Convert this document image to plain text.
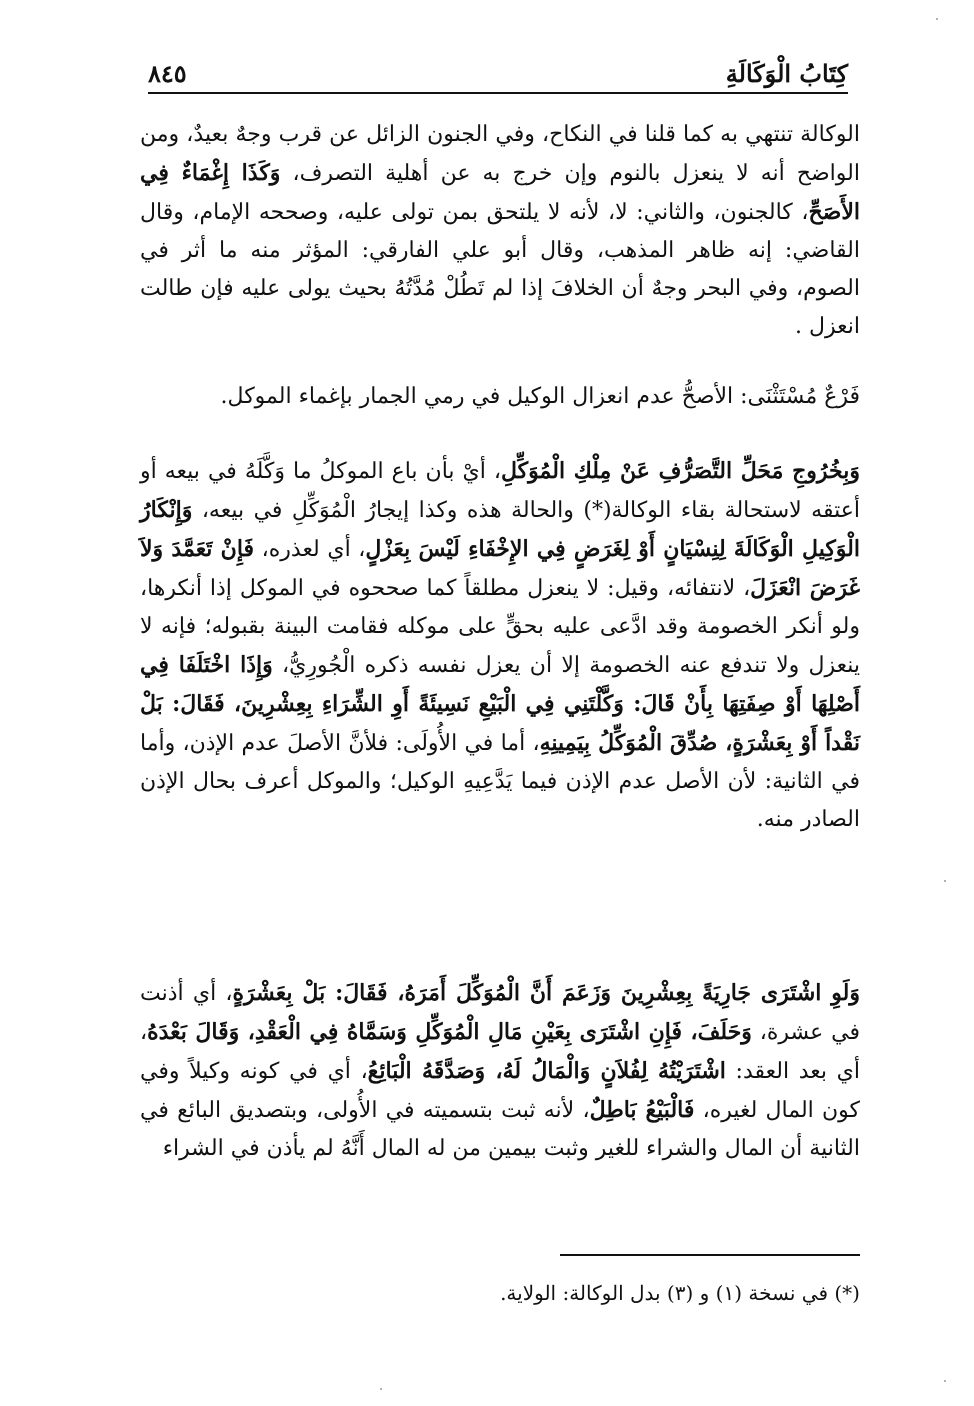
كِتَابُ الْوَكَالَةِ
٨٤٥

الوكالة تنتهي به كما قلنا في النكاح، وفي الجنون الزائل عن قرب وجهٌ بعيدٌ، ومن الواضح أنه لا ينعزل بالنوم وإن خرج به عن أهلية التصرف، وَكَذَا إِغْمَاءٌ فِي الأَصَحِّ، كالجنون، والثاني: لا، لأنه لا يلتحق بمن تولى عليه، وصححه الإمام، وقال القاضي: إنه ظاهر المذهب، وقال أبو علي الفارقي: المؤثر منه ما أثر في الصوم، وفي البحر وجهٌ أن الخلافَ إذا لم تَطُلْ مُدَّتُهُ بحيث يولى عليه فإن طالت انعزل .

فَرْعٌ مُسْتَثْنَى: الأصحُّ عدم انعزال الوكيل في رمي الجمار بإغماء الموكل.

وَبِخُرُوجِ مَحَلِّ التَّصَرُّفِ عَنْ مِلْكِ الْمُوَكِّلِ، أيْ بأن باع الموكلُ ما وَكَّلَهُ في بيعه أو أعتقه لاستحالة بقاء الوكالة(*) والحالة هذه وكذا إيجارُ الْمُوَكِّلِ في بيعه، وَإِنْكَارُ الْوَكِيلِ الْوَكَالَةَ لِنِسْيَانٍ أَوْ لِغَرَضٍ فِي الإِخْفَاءِ لَيْسَ بِعَزْلٍ، أي لعذره، فَإِنْ تَعَمَّدَ وَلاَ غَرَضَ انْعَزَلَ، لانتفائه، وقيل: لا ينعزل مطلقاً كما صححوه في الموكل إذا أنكرها، ولو أنكر الخصومة وقد ادَّعى عليه بحقٍّ على موكله فقامت البينة بقبوله؛ فإنه لا ينعزل ولا تندفع عنه الخصومة إلا أن يعزل نفسه ذكره الْجُورِيُّ، وَإِذَا اخْتَلَفَا فِي أَصْلِهَا أَوْ صِفَتِهَا بِأَنْ قَالَ: وَكَّلْتَنِي فِي الْبَيْعِ نَسِيئَةً أَوِ الشِّرَاءِ بِعِشْرِينَ، فَقَالَ: بَلْ نَقْداً أَوْ بِعَشْرَةٍ، صُدِّقَ الْمُوَكِّلُ بِيَمِينِهِ، أما في الأُولَى: فلأنَّ الأصلَ عدم الإذن، وأما في الثانية: لأن الأصل عدم الإذن فيما يَدَّعِيهِ الوكيل؛ والموكل أعرف بحال الإذن الصادر منه.

وَلَوِ اشْتَرَى جَارِيَةً بِعِشْرِينَ وَزَعَمَ أَنَّ الْمُوَكِّلَ أَمَرَهُ، فَقَالَ: بَلْ بِعَشْرَةٍ، أي أذنت في عشرة، وَحَلَفَ، فَإِنِ اشْتَرَى بِعَيْنِ مَالِ الْمُوَكِّلِ وَسَمَّاهُ فِي الْعَقْدِ، وَقَالَ بَعْدَهُ، أي بعد العقد: اشْتَرَيْتُهُ لِفُلاَنٍ وَالْمَالُ لَهُ، وَصَدَّقَهُ الْبَائِعُ، أي في كونه وكيلاً وفي كون المال لغيره، فَالْبَيْعُ بَاطِلٌ، لأنه ثبت بتسميته في الأُولى، وبتصديق البائع في الثانية أن المال والشراء للغير وثبت بيمين من له المال أَنَّهُ لم يأذن في الشراء

(*) في نسخة (١) و (٣) بدل الوكالة: الولاية.
